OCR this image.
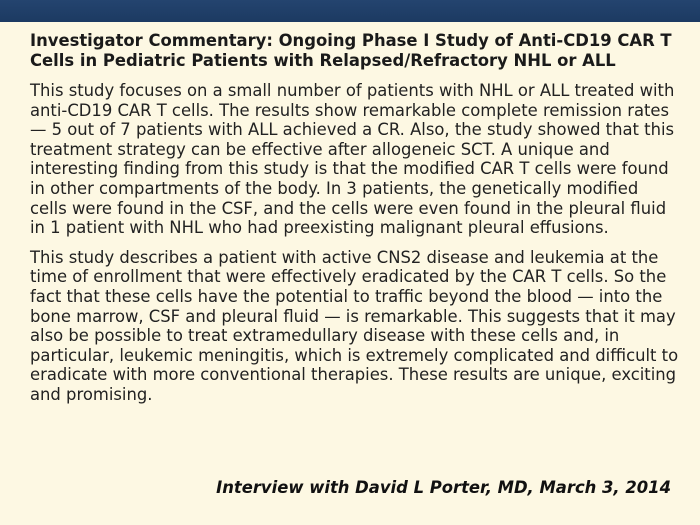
Investigator Commentary: Ongoing Phase I Study of Anti-CD19 CAR T Cells in Pediatric Patients with Relapsed/Refractory NHL or ALL

This study focuses on a small number of patients with NHL or ALL treated with anti-CD19 CAR T cells. The results show remarkable complete remission rates — 5 out of 7 patients with ALL achieved a CR. Also, the study showed that this treatment strategy can be effective after allogeneic SCT. A unique and interesting finding from this study is that the modified CAR T cells were found in other compartments of the body. In 3 patients, the genetically modified cells were found in the CSF, and the cells were even found in the pleural fluid in 1 patient with NHL who had preexisting malignant pleural effusions.

This study describes a patient with active CNS2 disease and leukemia at the time of enrollment that were effectively eradicated by the CAR T cells. So the fact that these cells have the potential to traffic beyond the blood — into the bone marrow, CSF and pleural fluid — is remarkable. This suggests that it may also be possible to treat extramedullary disease with these cells and, in particular, leukemic meningitis, which is extremely complicated and difficult to eradicate with more conventional therapies. These results are unique, exciting and promising.

Interview with David L Porter, MD, March 3, 2014
